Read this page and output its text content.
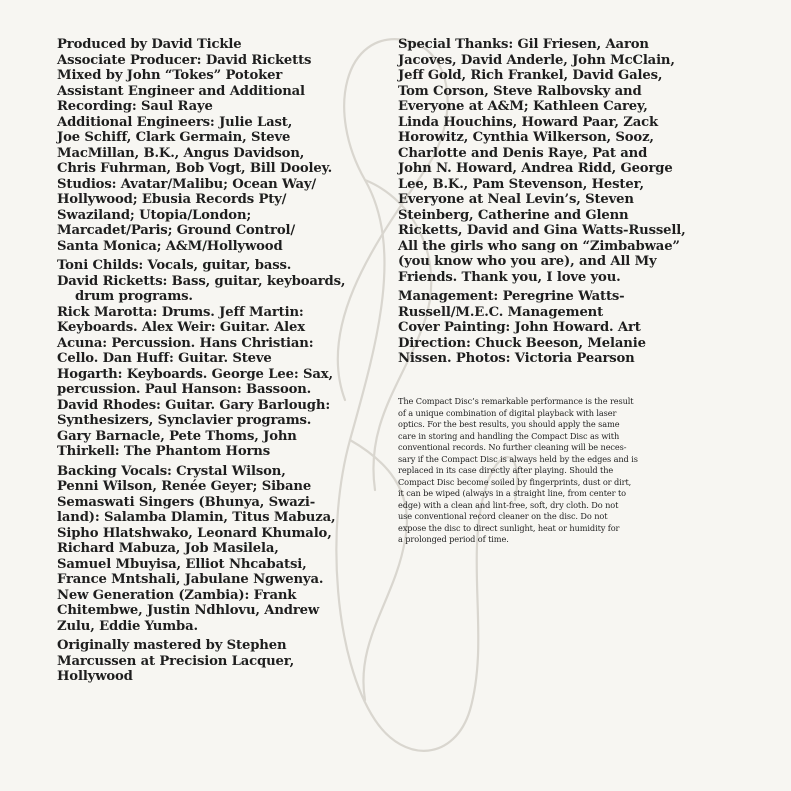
Produced by David Tickle
Associate Producer: David Ricketts
Mixed by John “Tokes” Potoker
Assistant Engineer and Additional
Recording: Saul Raye
Additional Engineers: Julie Last,
Joe Schiff, Clark Germain, Steve
MacMillan, B.K., Angus Davidson,
Chris Fuhrman, Bob Vogt, Bill Dooley.
Studios: Avatar/Malibu; Ocean Way/
Hollywood; Ebusia Records Pty/
Swaziland; Utopia/London;
Marcadet/Paris; Ground Control/
Santa Monica; A&M/Hollywood
Toni Childs: Vocals, guitar, bass.
David Ricketts: Bass, guitar, keyboards,
drum programs.
Rick Marotta: Drums. Jeff Martin:
Keyboards. Alex Weir: Guitar. Alex
Acuna: Percussion. Hans Christian:
Cello. Dan Huff: Guitar. Steve
Hogarth: Keyboards. George Lee: Sax,
percussion. Paul Hanson: Bassoon.
David Rhodes: Guitar. Gary Barlough:
Synthesizers, Synclavier programs.
Gary Barnacle, Pete Thoms, John
Thirkell: The Phantom Horns
Backing Vocals: Crystal Wilson,
Penni Wilson, Renée Geyer; Sibane
Semaswati Singers (Bhunya, Swazi-
land): Salamba Dlamin, Titus Mabuza,
Sipho Hlatshwako, Leonard Khumalo,
Richard Mabuza, Job Masilela,
Samuel Mbuyisa, Elliot Nhcabatsi,
France Mntshali, Jabulane Ngwenya.
New Generation (Zambia): Frank
Chitembwe, Justin Ndhlovu, Andrew
Zulu, Eddie Yumba.
Originally mastered by Stephen
Marcussen at Precision Lacquer,
Hollywood
Special Thanks: Gil Friesen, Aaron
Jacoves, David Anderle, John McClain,
Jeff Gold, Rich Frankel, David Gales,
Tom Corson, Steve Ralbovsky and
Everyone at A&M; Kathleen Carey,
Linda Houchins, Howard Paar, Zack
Horowitz, Cynthia Wilkerson, Sooz,
Charlotte and Denis Raye, Pat and
John N. Howard, Andrea Ridd, George
Lee, B.K., Pam Stevenson, Hester,
Everyone at Neal Levin’s, Steven
Steinberg, Catherine and Glenn
Ricketts, David and Gina Watts-Russell,
All the girls who sang on “Zimbabwae”
(you know who you are), and All My
Friends. Thank you, I love you.
Management: Peregrine Watts-
Russell/M.E.C. Management
Cover Painting: John Howard. Art
Direction: Chuck Beeson, Melanie
Nissen. Photos: Victoria Pearson
The Compact Disc’s remarkable performance is the result
of a unique combination of digital playback with laser
optics. For the best results, you should apply the same
care in storing and handling the Compact Disc as with
conventional records. No further cleaning will be neces-
sary if the Compact Disc is always held by the edges and is
replaced in its case directly after playing. Should the
Compact Disc become soiled by fingerprints, dust or dirt,
it can be wiped (always in a straight line, from center to
edge) with a clean and lint-free, soft, dry cloth. Do not
use conventional record cleaner on the disc. Do not
expose the disc to direct sunlight, heat or humidity for
a prolonged period of time.
